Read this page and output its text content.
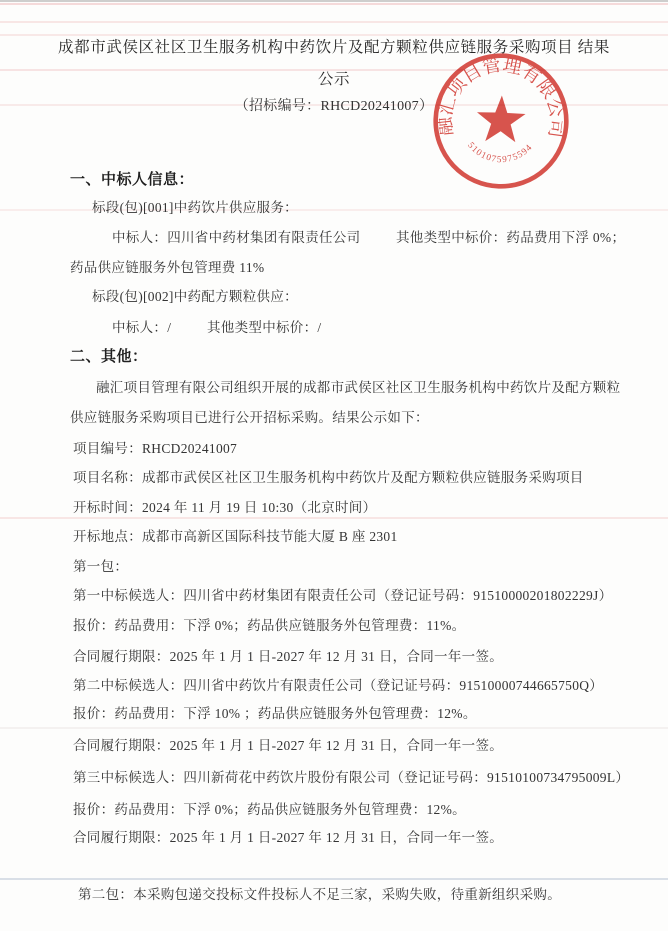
成都市武侯区社区卫生服务机构中药饮片及配方颗粒供应链服务采购项目 结果
公示
（招标编号：RHCD20241007）
一、中标人信息：
标段(包)[001]中药饮片供应服务：
中标人：四川省中药材集团有限责任公司	其他类型中标价：药品费用下浮 0%；
药品供应链服务外包管理费 11%
标段(包)[002]中药配方颗粒供应：
中标人：/	其他类型中标价：/
二、其他：
融汇项目管理有限公司组织开展的成都市武侯区社区卫生服务机构中药饮片及配方颗粒
供应链服务采购项目已进行公开招标采购。结果公示如下：
项目编号：RHCD20241007
项目名称：成都市武侯区社区卫生服务机构中药饮片及配方颗粒供应链服务采购项目
开标时间：2024 年 11 月 19 日 10:30（北京时间）
开标地点：成都市高新区国际科技节能大厦 B 座 2301
第一包：
第一中标候选人：四川省中药材集团有限责任公司（登记证号码：91510000201802229J）
报价：药品费用：下浮 0%；药品供应链服务外包管理费：11%。
合同履行期限：2025 年 1 月 1 日-2027 年 12 月 31 日，合同一年一签。
第二中标候选人：四川省中药饮片有限责任公司（登记证号码：91510000744665750Q）
报价：药品费用：下浮 10% ；药品供应链服务外包管理费：12%。
合同履行期限：2025 年 1 月 1 日-2027 年 12 月 31 日，合同一年一签。
第三中标候选人：四川新荷花中药饮片股份有限公司（登记证号码：91510100734795009L）
报价：药品费用：下浮 0%；药品供应链服务外包管理费：12%。
合同履行期限：2025 年 1 月 1 日-2027 年 12 月 31 日，合同一年一签。
第二包：本采购包递交投标文件投标人不足三家，采购失败，待重新组织采购。
融汇项目管理有限公司
5101075975594
